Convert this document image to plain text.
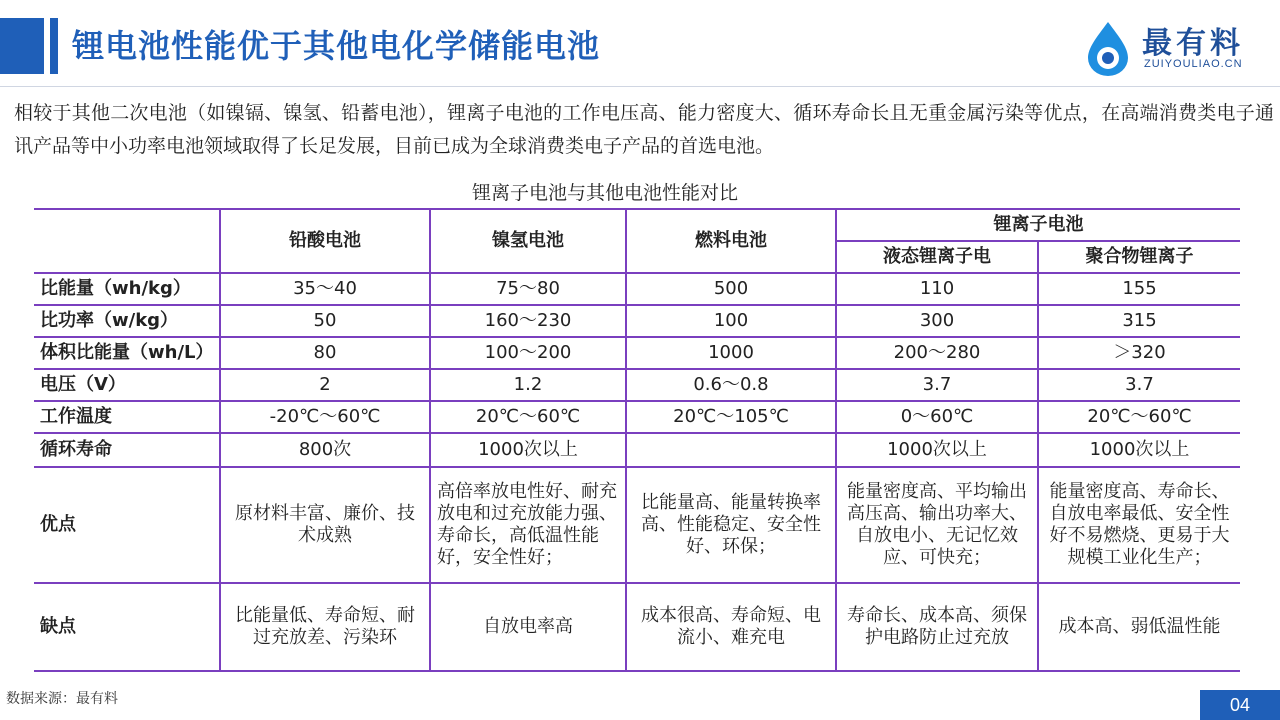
锂电池性能优于其他电化学储能电池	最有料
ZUIYOULIAO.CN
相较于其他二次电池（如镍镉、镍氢、铅蓄电池），锂离子电池的工作电压高、能力密度大、循环寿命长且无重金属污染等优点，在高端消费类电子通讯产品等中小功率电池领域取得了长足发展，目前已成为全球消费类电子产品的首选电池。
锂离子电池与其他电池性能对比
	铅酸电池	镍氢电池	燃料电池	锂离子电池	
				液态锂离子电	聚合物锂离子
比能量（wh/kg）	35～40	75～80	500	110	155
比功率（w/kg）	50	160～230	100	300	315
体积比能量（wh/L）	80	100～200	1000	200～280	＞320
电压（V）	2	1.2	0.6～0.8	3.7	3.7
工作温度	-20℃～60℃	20℃～60℃	20℃～105℃	0～60℃	20℃～60℃
循环寿命	800次	1000次以上		1000次以上	1000次以上
优点	原材料丰富、廉价、技术成熟	高倍率放电性好、耐充放电和过充放能力强、寿命长，高低温性能好，安全性好；	比能量高、能量转换率高、性能稳定、安全性好、环保；	能量密度高、平均输出高压高、输出功率大、自放电小、无记忆效应、可快充；	能量密度高、寿命长、自放电率最低、安全性好不易燃烧、更易于大规模工业化生产；
缺点	比能量低、寿命短、耐过充放差、污染环	自放电率高	成本很高、寿命短、电流小、难充电	寿命长、成本高、须保护电路防止过充放	成本高、弱低温性能
数据来源：最有料	04
